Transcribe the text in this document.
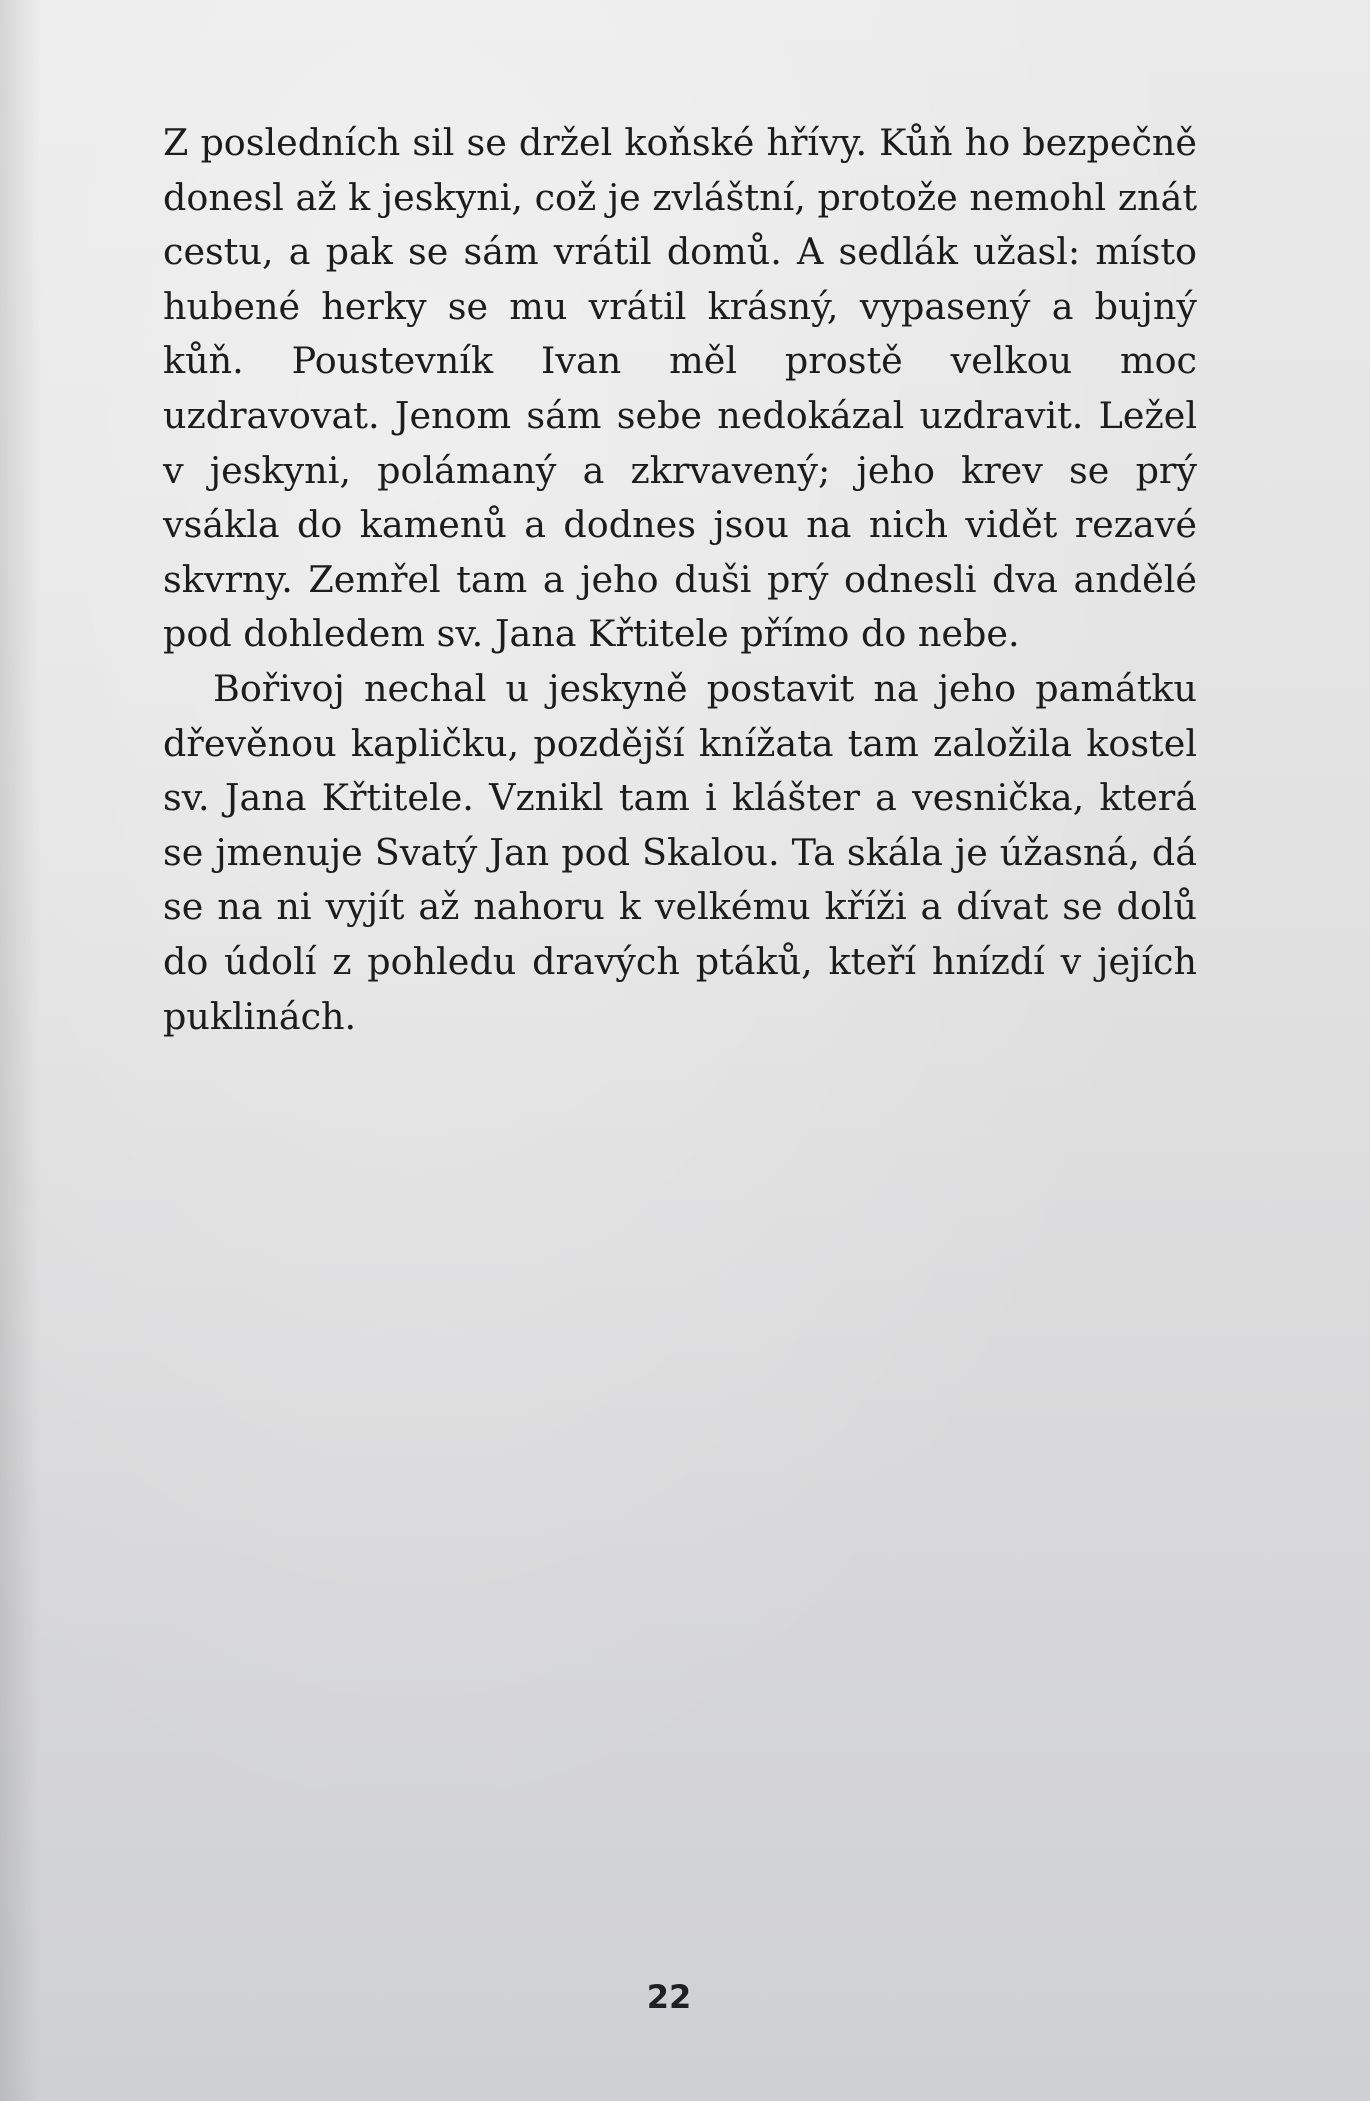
Z posledních sil se držel koňské hřívy. Kůň ho bezpečně donesl až k jeskyni, což je zvláštní, protože nemohl znát cestu, a pak se sám vrátil domů. A sedlák užasl: místo hubené herky se mu vrátil krásný, vypasený a bujný kůň. Poustevník Ivan měl prostě velkou moc uzdravovat. Jenom sám sebe nedokázal uzdravit. Ležel v jeskyni, polámaný a zkrvavený; jeho krev se prý vsákla do kamenů a dodnes jsou na nich vidět rezavé skvrny. Zemřel tam a jeho duši prý odnesli dva andělé pod dohledem sv. Jana Křtitele přímo do nebe.

Bořivoj nechal u jeskyně postavit na jeho památku dřevěnou kapličku, pozdější knížata tam založila kostel sv. Jana Křtitele. Vznikl tam i klášter a vesnička, která se jmenuje Svatý Jan pod Skalou. Ta skála je úžasná, dá se na ni vyjít až nahoru k velkému kříži a dívat se dolů do údolí z pohledu dravých ptáků, kteří hnízdí v jejích puklinách.

22
